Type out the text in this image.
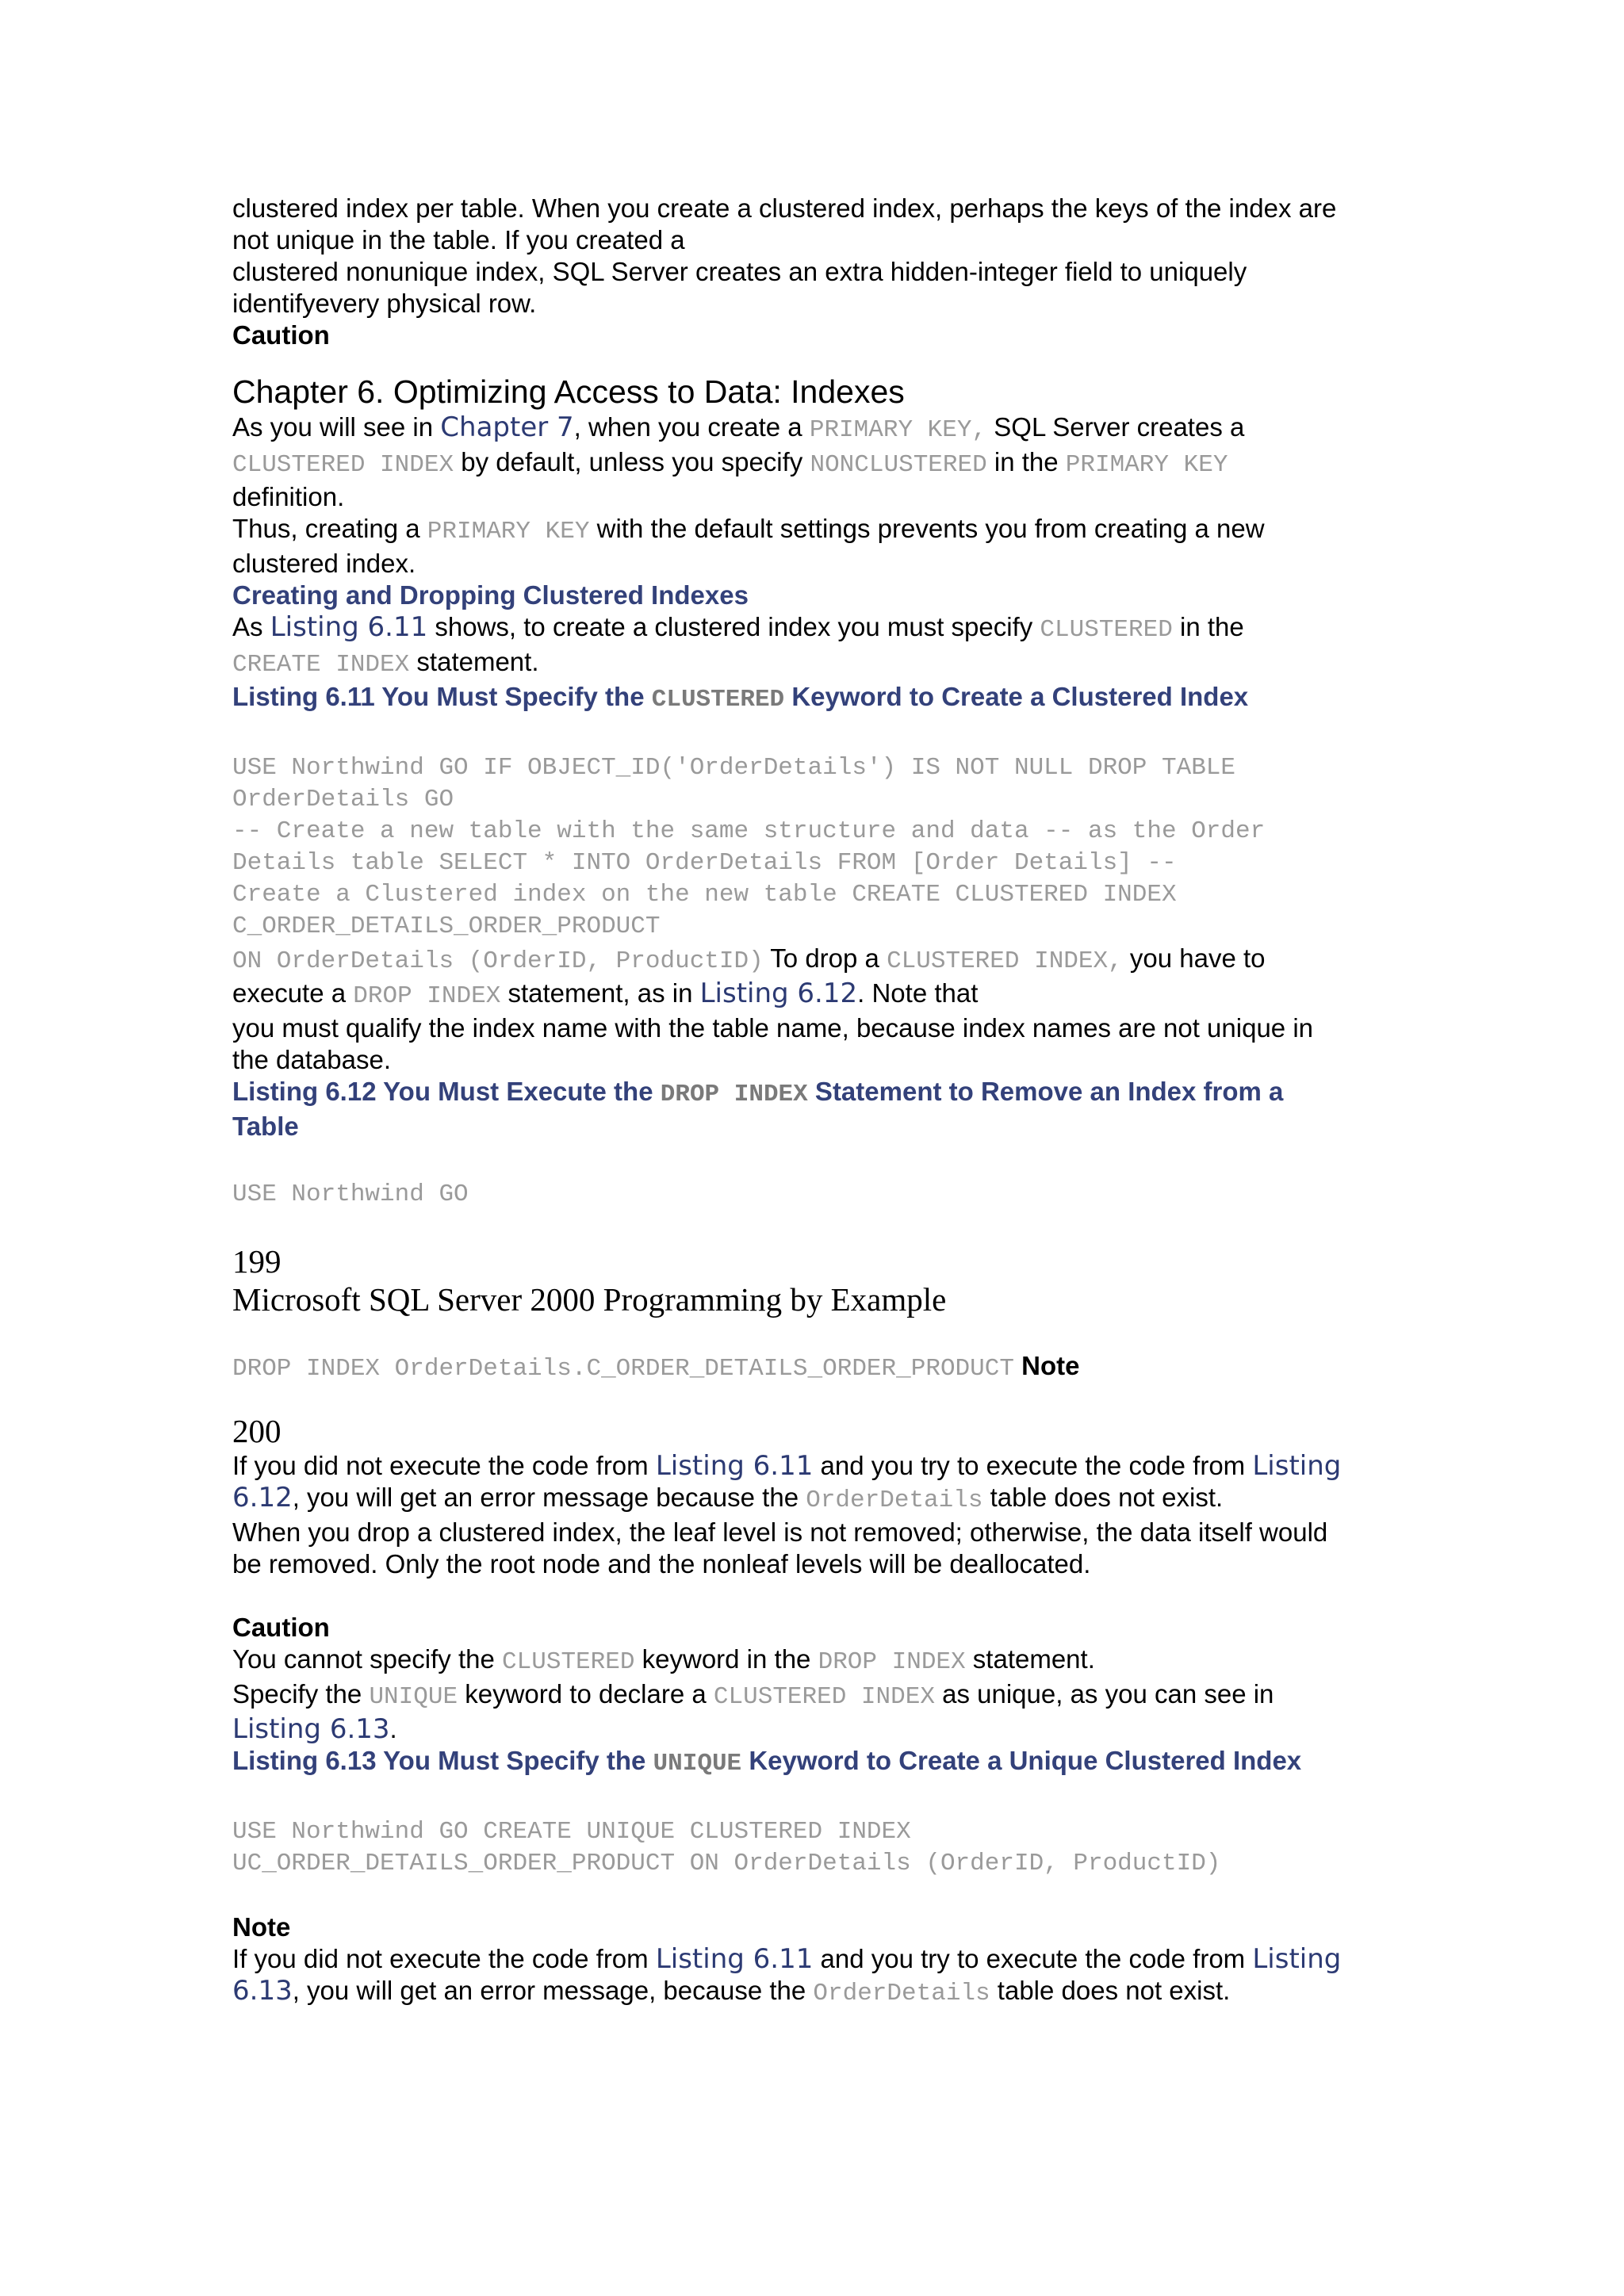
clustered index per table. When you create a clustered index, perhaps the keys of the index are
not unique in the table. If you created a
clustered nonunique index, SQL Server creates an extra hidden-integer field to uniquely
identifyevery physical row.
Caution
Chapter 6. Optimizing Access to Data: Indexes
As you will see in Chapter 7, when you create a PRIMARY KEY, SQL Server creates a
CLUSTERED INDEX by default, unless you specify NONCLUSTERED in the PRIMARY KEY
definition.
Thus, creating a PRIMARY KEY with the default settings prevents you from creating a new
clustered index.
Creating and Dropping Clustered Indexes
As Listing 6.11 shows, to create a clustered index you must specify CLUSTERED in the
CREATE INDEX statement.
Listing 6.11 You Must Specify the CLUSTERED Keyword to Create a Clustered Index
USE Northwind GO IF OBJECT_ID('OrderDetails') IS NOT NULL DROP TABLE
OrderDetails GO
-- Create a new table with the same structure and data -- as the Order
Details table SELECT * INTO OrderDetails FROM [Order Details] --
Create a Clustered index on the new table CREATE CLUSTERED INDEX
C_ORDER_DETAILS_ORDER_PRODUCT
ON OrderDetails (OrderID, ProductID) To drop a CLUSTERED INDEX, you have to
execute a DROP INDEX statement, as in Listing 6.12. Note that
you must qualify the index name with the table name, because index names are not unique in
the database.
Listing 6.12 You Must Execute the DROP INDEX Statement to Remove an Index from a
Table
USE Northwind GO
199
Microsoft SQL Server 2000 Programming by Example
DROP INDEX OrderDetails.C_ORDER_DETAILS_ORDER_PRODUCT Note
200
If you did not execute the code from Listing 6.11 and you try to execute the code from Listing
6.12, you will get an error message because the OrderDetails table does not exist.
When you drop a clustered index, the leaf level is not removed; otherwise, the data itself would
be removed. Only the root node and the nonleaf levels will be deallocated.
Caution
You cannot specify the CLUSTERED keyword in the DROP INDEX statement.
Specify the UNIQUE keyword to declare a CLUSTERED INDEX as unique, as you can see in
Listing 6.13.
Listing 6.13 You Must Specify the UNIQUE Keyword to Create a Unique Clustered Index
USE Northwind GO CREATE UNIQUE CLUSTERED INDEX
UC_ORDER_DETAILS_ORDER_PRODUCT ON OrderDetails (OrderID, ProductID)
Note
If you did not execute the code from Listing 6.11 and you try to execute the code from Listing
6.13, you will get an error message, because the OrderDetails table does not exist.
